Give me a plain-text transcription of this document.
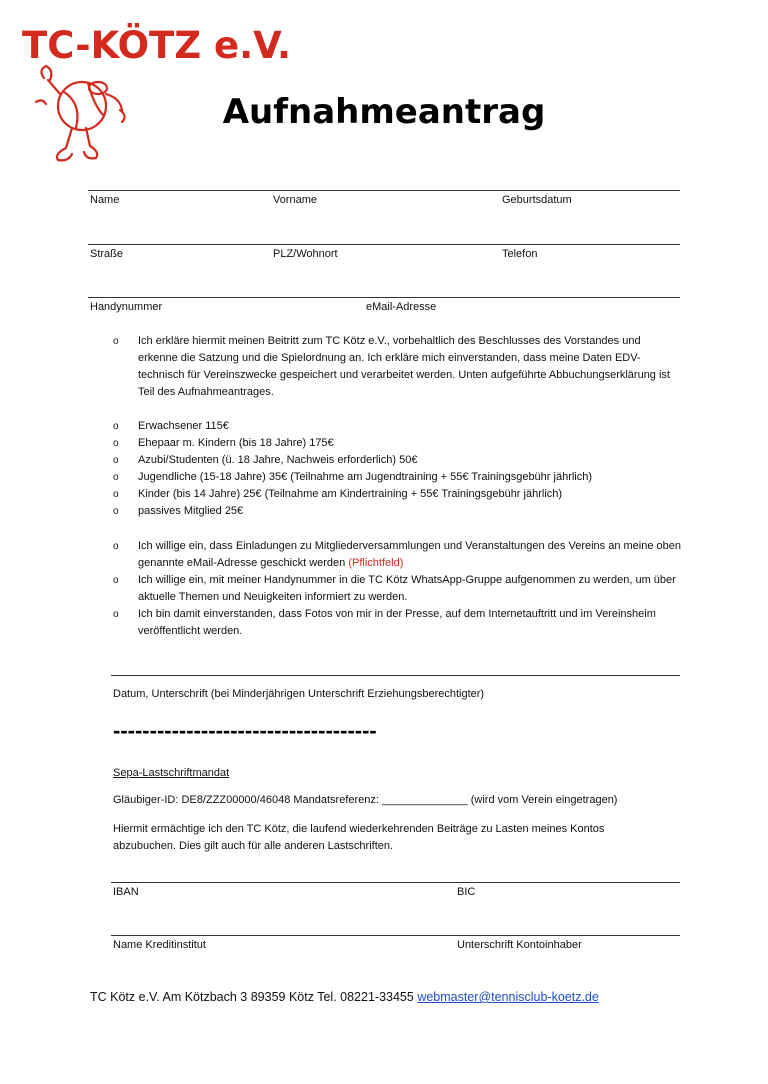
TC-KÖTZ e.V.
Aufnahmeantrag
Name	Vorname	Geburtsdatum
Straße	PLZ/Wohnort	Telefon
Handynummer	eMail-Adresse
o Ich erkläre hiermit meinen Beitritt zum TC Kötz e.V., vorbehaltlich des Beschlusses des Vorstandes und erkenne die Satzung und die Spielordnung an. Ich erkläre mich einverstanden, dass meine Daten EDV-technisch für Vereinszwecke gespeichert und verarbeitet werden. Unten aufgeführte Abbuchungserklärung ist Teil des Aufnahmeantrages.
o Erwachsener 115€
o Ehepaar m. Kindern (bis 18 Jahre) 175€
o Azubi/Studenten (ü. 18 Jahre, Nachweis erforderlich) 50€
o Jugendliche (15-18 Jahre) 35€ (Teilnahme am Jugendtraining + 55€ Trainingsgebühr jährlich)
o Kinder (bis 14 Jahre) 25€ (Teilnahme am Kindertraining + 55€ Trainingsgebühr jährlich)
o passives Mitglied 25€
o Ich willige ein, dass Einladungen zu Mitgliederversammlungen und Veranstaltungen des Vereins an meine oben genannte eMail-Adresse geschickt werden (Pflichtfeld)
o Ich willige ein, mit meiner Handynummer in die TC Kötz WhatsApp-Gruppe aufgenommen zu werden, um über aktuelle Themen und Neuigkeiten informiert zu werden.
o Ich bin damit einverstanden, dass Fotos von mir in der Presse, auf dem Internetauftritt und im Vereinsheim veröffentlicht werden.
Datum, Unterschrift (bei Minderjährigen Unterschrift Erziehungsberechtigter)
------------------------------------
Sepa-Lastschriftmandat
Gläubiger-ID: DE8/ZZZ00000/46048 Mandatsreferenz: ______________ (wird vom Verein eingetragen)
Hiermit ermächtige ich den TC Kötz, die laufend wiederkehrenden Beiträge zu Lasten meines Kontos abzubuchen. Dies gilt auch für alle anderen Lastschriften.
IBAN	BIC
Name Kreditinstitut	Unterschrift Kontoinhaber
TC Kötz e.V. Am Kötzbach 3 89359 Kötz Tel. 08221-33455 webmaster@tennisclub-koetz.de
